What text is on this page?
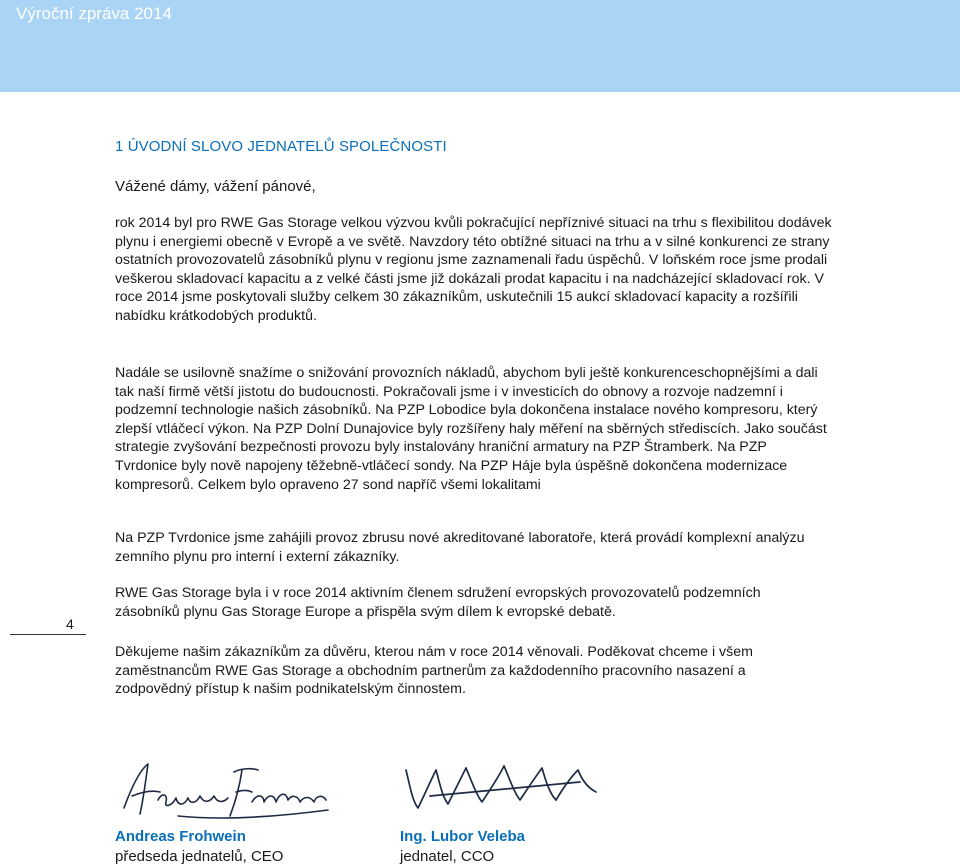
Výroční zpráva 2014
1 ÚVODNÍ SLOVO JEDNATELŮ SPOLEČNOSTI
Vážené dámy, vážení pánové,

rok 2014 byl pro RWE Gas Storage velkou výzvou kvůli pokračující nepříznivé situaci na trhu s flexibilitou dodávek plynu i energiemi obecně v Evropě a ve světě. Navzdory této obtížné situaci na trhu a v silné konkurenci ze strany ostatních provozovatelů zásobníků plynu v regionu jsme zaznamenali řadu úspěchů. V loňském roce jsme prodali veškerou skladovací kapacitu a z velké části jsme již dokázali prodat kapacitu i na nadcházející skladovací rok. V roce 2014 jsme poskytovali služby celkem 30 zákazníkům, uskutečnili 15 aukcí skladovací kapacity a rozšířili nabídku krátkodobých produktů.

Nadále se usilovně snažíme o snižování provozních nákladů, abychom byli ještě konkurenceschopnějšími a dali tak naší firmě větší jistotu do budoucnosti. Pokračovali jsme i v investicích do obnovy a rozvoje nadzemní i podzemní technologie našich zásobníků. Na PZP Lobodice byla dokončena instalace nového kompresoru, který zlepší vtláčecí výkon. Na PZP Dolní Dunajovice byly rozšířeny haly měření na sběrných střediscích. Jako součást strategie zvyšování bezpečnosti provozu byly instalovány hraniční armatury na PZP Štramberk. Na PZP Tvrdonice byly nově napojeny těžebně-vtláčecí sondy. Na PZP Háje byla úspěšně dokončena modernizace kompresorů. Celkem bylo opraveno 27 sond napříč všemi lokalitami

Na PZP Tvrdonice jsme zahájili provoz zbrusu nové akreditované laboratoře, která provádí komplexní analýzu zemního plynu pro interní i externí zákazníky.

RWE Gas Storage byla i v roce 2014 aktivním členem sdružení evropských provozovatelů podzemních zásobníků plynu Gas Storage Europe a přispěla svým dílem k evropské debatě.

Děkujeme našim zákazníkům za důvěru, kterou nám v roce 2014 věnovali. Poděkovat chceme i všem zaměstnancům RWE Gas Storage a obchodním partnerům za každodenního pracovního nasazení a zodpovědný přístup k našim podnikatelským činnostem.

4
Andreas Frohwein
předseda jednatelů, CEO
Ing. Lubor Veleba
jednatel, CCO
